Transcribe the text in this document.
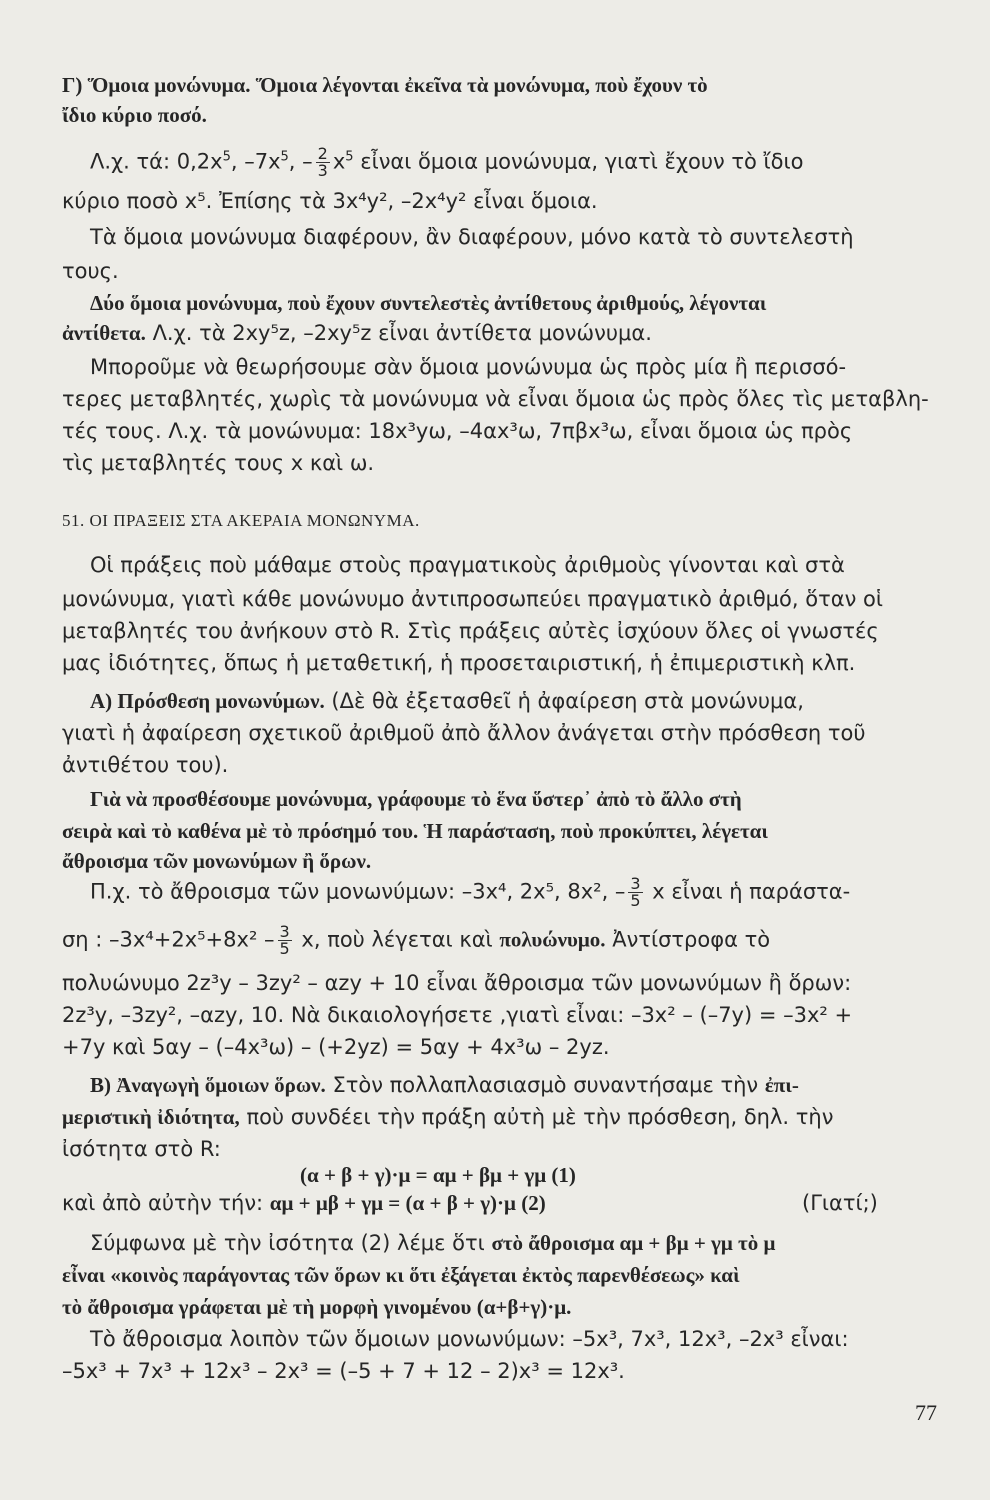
Γ) Ὅμοια μονώνυμα. Ὅμοια λέγονται ἐκεῖνα τὰ μονώνυμα, ποὺ ἔχουν τὸ
ἴδιο κύριο ποσό.
Λ.χ. τά: $0,2x^5$, $-7x^5$, – $\frac{2}{3} x^5$ εἶναι ὅμοια μονώνυμα, γιατὶ ἔχουν τὸ ἴδιο
κύριο ποσὸ x⁵. Ἐπίσης τὰ 3x⁴y², –2x⁴y² εἶναι ὅμοια.
Τὰ ὅμοια μονώνυμα διαφέρουν, ἂν διαφέρουν, μόνο κατὰ τὸ συντελεστὴ
τους.
Δύο ὅμοια μονώνυμα, ποὺ ἔχουν συντελεστὲς ἀντίθετους ἀριθμούς, λέγονται
ἀντίθετα. Λ.χ. τὰ 2xy⁵z, –2xy⁵z εἶναι ἀντίθετα μονώνυμα.
Μποροῦμε νὰ θεωρήσουμε σὰν ὅμοια μονώνυμα ὡς πρὸς μία ἢ περισσό-
τερες μεταβλητές, χωρὶς τὰ μονώνυμα νὰ εἶναι ὅμοια ὡς πρὸς ὅλες τὶς μεταβλη-
τές τους. Λ.χ. τὰ μονώνυμα: 18x³yω, –4αx³ω, 7πβx³ω, εἶναι ὅμοια ὡς πρὸς
τὶς μεταβλητές τους x καὶ ω.
51. ΟΙ ΠΡΑΞΕΙΣ ΣΤΑ ΑΚΕΡΑΙΑ ΜΟΝΩΝΥΜΑ.
Οἱ πράξεις ποὺ μάθαμε στοὺς πραγματικοὺς ἀριθμοὺς γίνονται καὶ στὰ
μονώνυμα, γιατὶ κάθε μονώνυμο ἀντιπροσωπεύει πραγματικὸ ἀριθμό, ὅταν οἱ
μεταβλητές του ἀνήκουν στὸ R. Στὶς πράξεις αὐτὲς ἰσχύουν ὅλες οἱ γνωστές
μας ἰδιότητες, ὅπως ἡ μεταθετική, ἡ προσεταιριστική, ἡ ἐπιμεριστικὴ κλπ.
Α) Πρόσθεση μονωνύμων. (Δὲ θὰ ἐξετασθεῖ ἡ ἀφαίρεση στὰ μονώνυμα,
γιατὶ ἡ ἀφαίρεση σχετικοῦ ἀριθμοῦ ἀπὸ ἄλλον ἀνάγεται στὴν πρόσθεση τοῦ
ἀντιθέτου του).
Γιὰ νὰ προσθέσουμε μονώνυμα, γράφουμε τὸ ἕνα ὕστερ᾽ ἀπὸ τὸ ἄλλο στὴ
σειρὰ καὶ τὸ καθένα μὲ τὸ πρόσημό του. Ἡ παράσταση, ποὺ προκύπτει, λέγεται
ἄθροισμα τῶν μονωνύμων ἢ ὅρων.
Π.χ. τὸ ἄθροισμα τῶν μονωνύμων: –3x⁴, 2x⁵, 8x², – $\frac{3}{5}$ x εἶναι ἡ παράστα-
ση : $-3x^4+2x^5+8x^2 - \frac{3}{5} x$, ποὺ λέγεται καὶ πολυώνυμο. Ἀντίστροφα τὸ
πολυώνυμο 2z³y – 3zy² – αzy + 10 εἶναι ἄθροισμα τῶν μονωνύμων ἢ ὅρων:
2z³y, –3zy², –αzy, 10. Νὰ δικαιολογήσετε ,γιατὶ εἶναι: –3x² – (–7y) = –3x² +
+7y καὶ 5αy – (–4x³ω) – (+2yz) = 5αy + 4x³ω – 2yz.
Β) Ἀναγωγὴ ὅμοιων ὅρων. Στὸν πολλαπλασιασμὸ συναντήσαμε τὴν ἐπι-
μεριστικὴ ἰδιότητα, ποὺ συνδέει τὴν πράξη αὐτὴ μὲ τὴν πρόσθεση, δηλ. τὴν
ἰσότητα στὸ R:
(α + β + γ)·μ = αμ + βμ + γμ (1)
καὶ ἀπὸ αὐτὴν τήν: αμ + μβ + γμ = (α + β + γ)·μ (2)	(Γιατί;)
Σύμφωνα μὲ τὴν ἰσότητα (2) λέμε ὅτι στὸ ἄθροισμα αμ + βμ + γμ τὸ μ
εἶναι «κοινὸς παράγοντας τῶν ὅρων κι ὅτι ἐξάγεται ἐκτὸς παρενθέσεως» καὶ
τὸ ἄθροισμα γράφεται μὲ τὴ μορφὴ γινομένου (α+β+γ)·μ.
Τὸ ἄθροισμα λοιπὸν τῶν ὅμοιων μονωνύμων: –5x³, 7x³, 12x³, –2x³ εἶναι:
–5x³ + 7x³ + 12x³ – 2x³ = (–5 + 7 + 12 – 2)x³ = 12x³.
77
